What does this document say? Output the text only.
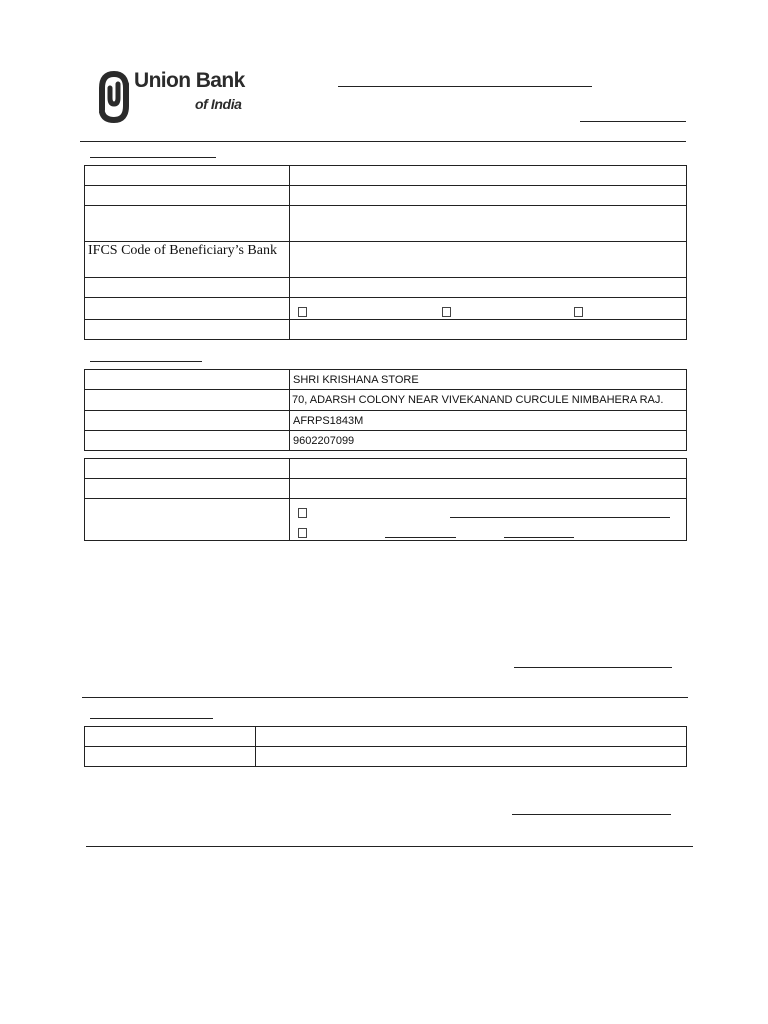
Union Bank
of India

IFCS Code of Beneficiary’s Bank	

	SHRI KRISHANA STORE
	70, ADARSH COLONY NEAR VIVEKANAND CURCULE NIMBAHERA RAJ.
	AFRPS1843M
	9602207099
